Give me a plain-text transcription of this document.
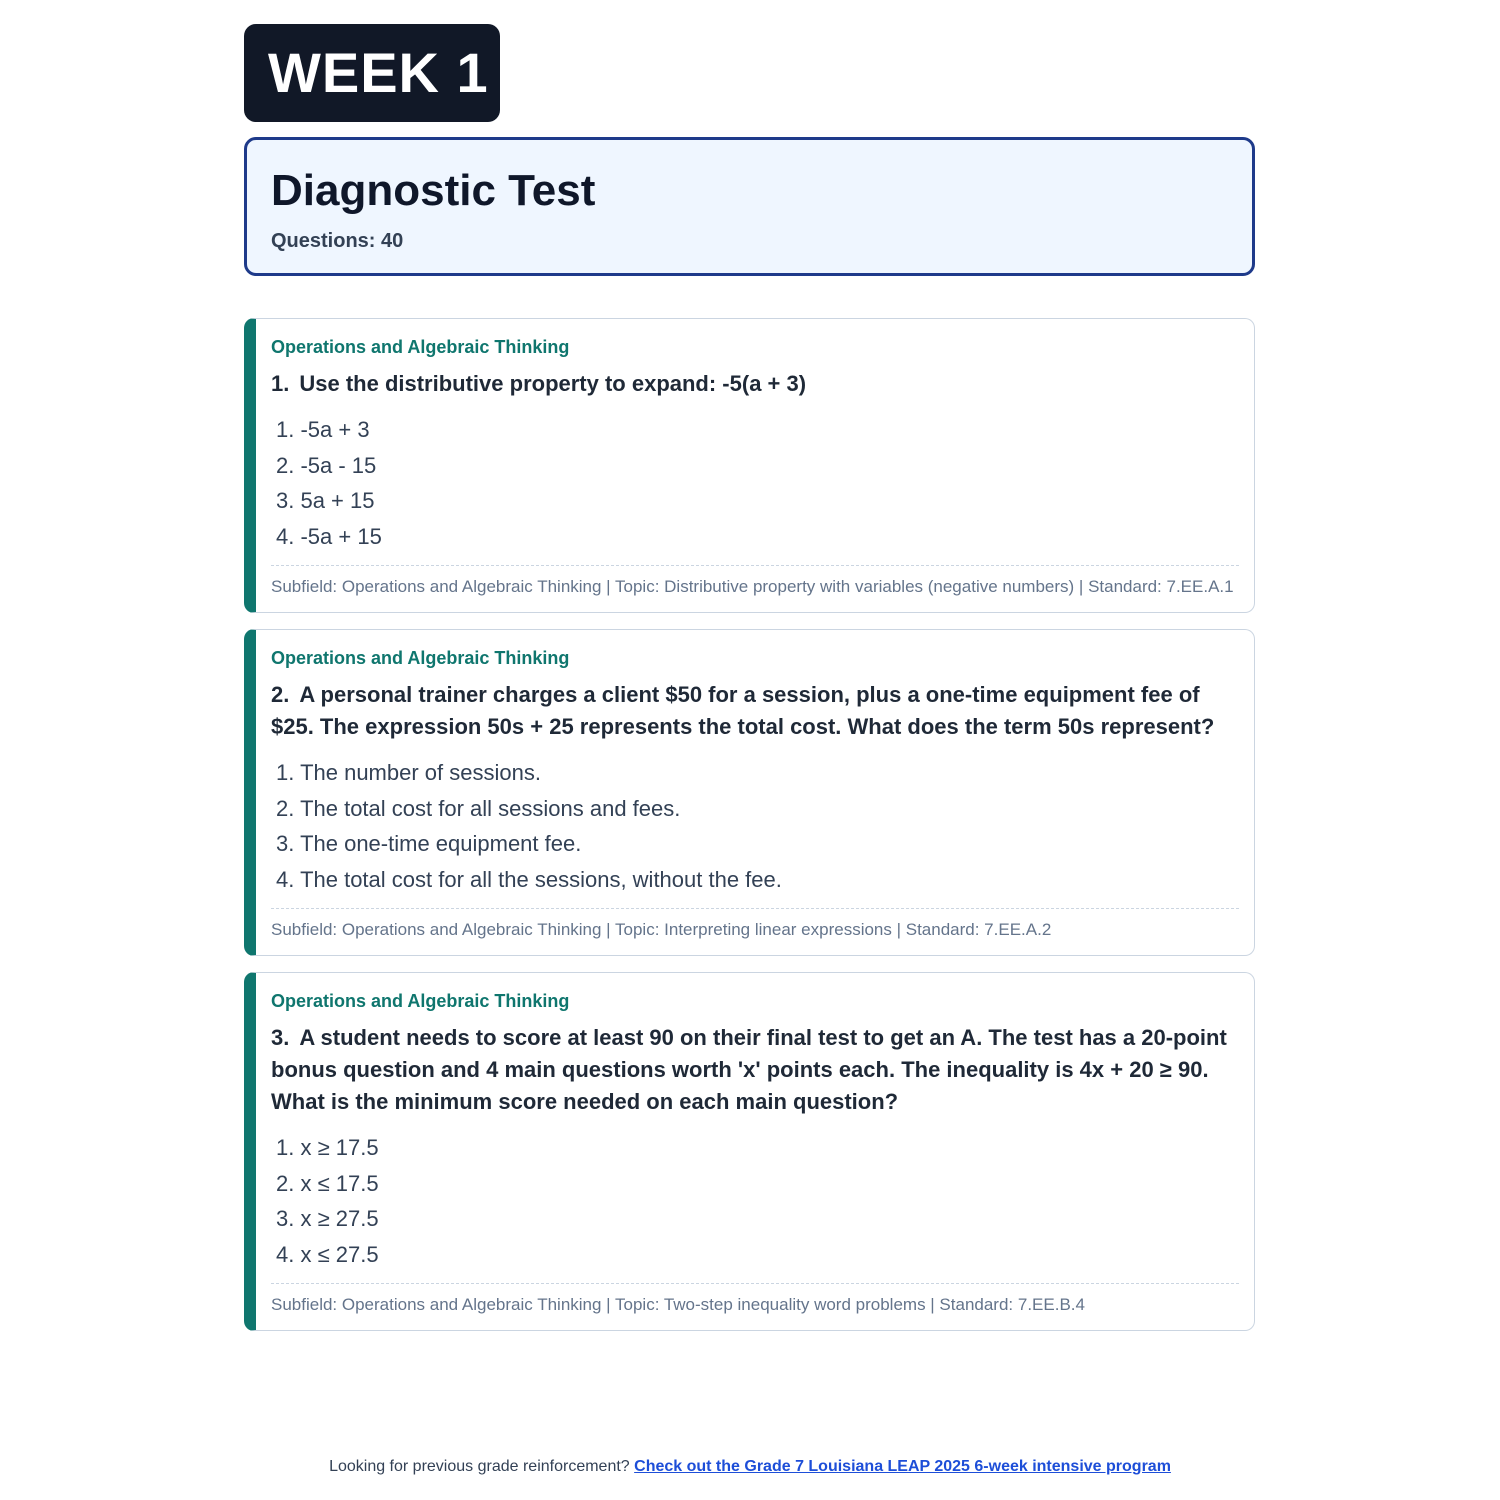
WEEK 1
Diagnostic Test
Questions: 40
Operations and Algebraic Thinking
1. Use the distributive property to expand: -5(a + 3)
1. -5a + 3
2. -5a - 15
3. 5a + 15
4. -5a + 15
Subfield: Operations and Algebraic Thinking | Topic: Distributive property with variables (negative numbers) | Standard: 7.EE.A.1
Operations and Algebraic Thinking
2. A personal trainer charges a client $50 for a session, plus a one-time equipment fee of $25. The expression 50s + 25 represents the total cost. What does the term 50s represent?
1. The number of sessions.
2. The total cost for all sessions and fees.
3. The one-time equipment fee.
4. The total cost for all the sessions, without the fee.
Subfield: Operations and Algebraic Thinking | Topic: Interpreting linear expressions | Standard: 7.EE.A.2
Operations and Algebraic Thinking
3. A student needs to score at least 90 on their final test to get an A. The test has a 20-point bonus question and 4 main questions worth 'x' points each. The inequality is 4x + 20 ≥ 90. What is the minimum score needed on each main question?
1. x ≥ 17.5
2. x ≤ 17.5
3. x ≥ 27.5
4. x ≤ 27.5
Subfield: Operations and Algebraic Thinking | Topic: Two-step inequality word problems | Standard: 7.EE.B.4
Looking for previous grade reinforcement? Check out the Grade 7 Louisiana LEAP 2025 6-week intensive program
